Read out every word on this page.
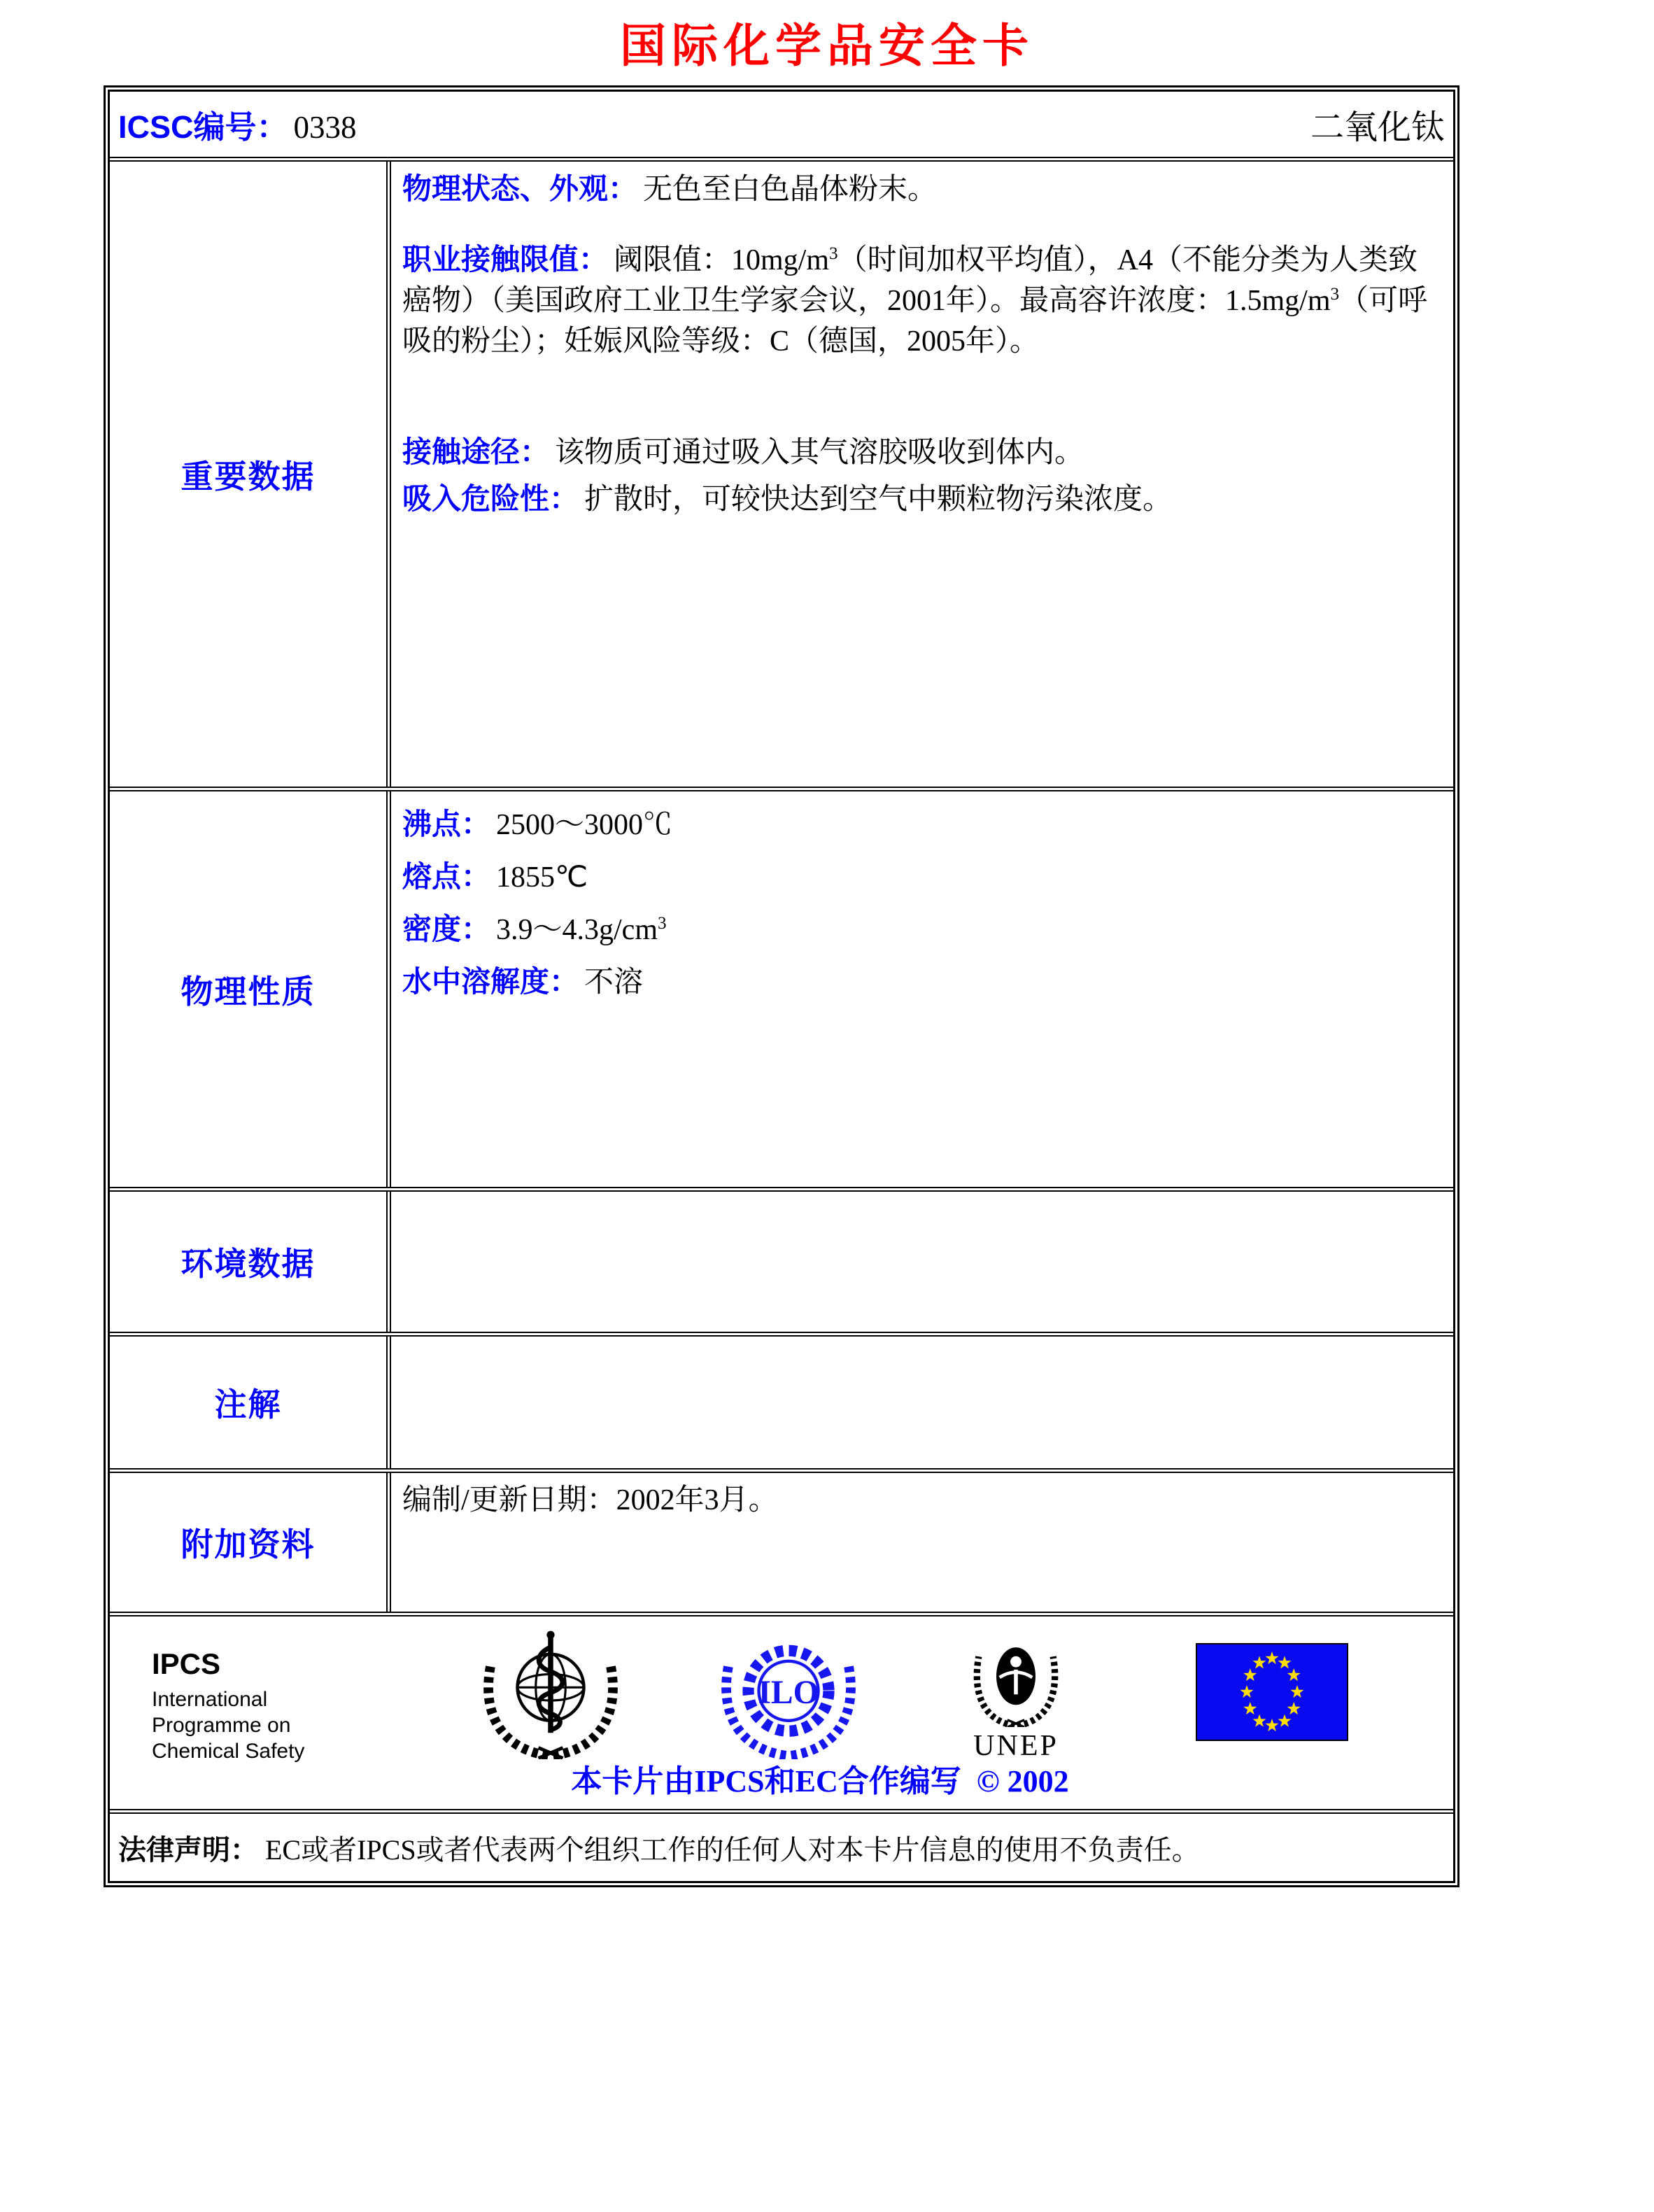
国际化学品安全卡
ICSC编号： 0338	二氧化钛
重要数据

物理状态、外观： 无色至白色晶体粉末。

职业接触限值： 阈限值：$10mg/m^3$（时间加权平均值），A4（不能分类为人类致癌物）（美国政府工业卫生学家会议，2001年）。最高容许浓度：$1.5mg/m^3$（可呼吸的粉尘）；妊娠风险等级：C（德国，2005年）。

接触途径： 该物质可通过吸入其气溶胶吸收到体内。

吸入危险性： 扩散时，可较快达到空气中颗粒物污染浓度。

物理性质

沸点： 2500～3000℃

熔点： 1855℃

密度： $3.9\sim 4.3g/cm^3$

水中溶解度： 不溶

环境数据
注解
附加资料

编制/更新日期：2002年3月。

IPCS
International
Programme on
Chemical Safety
ILO
UNEP
本卡片由IPCS和EC合作编写 © 2002
法律声明： EC或者IPCS或者代表两个组织工作的任何人对本卡片信息的使用不负责任。
